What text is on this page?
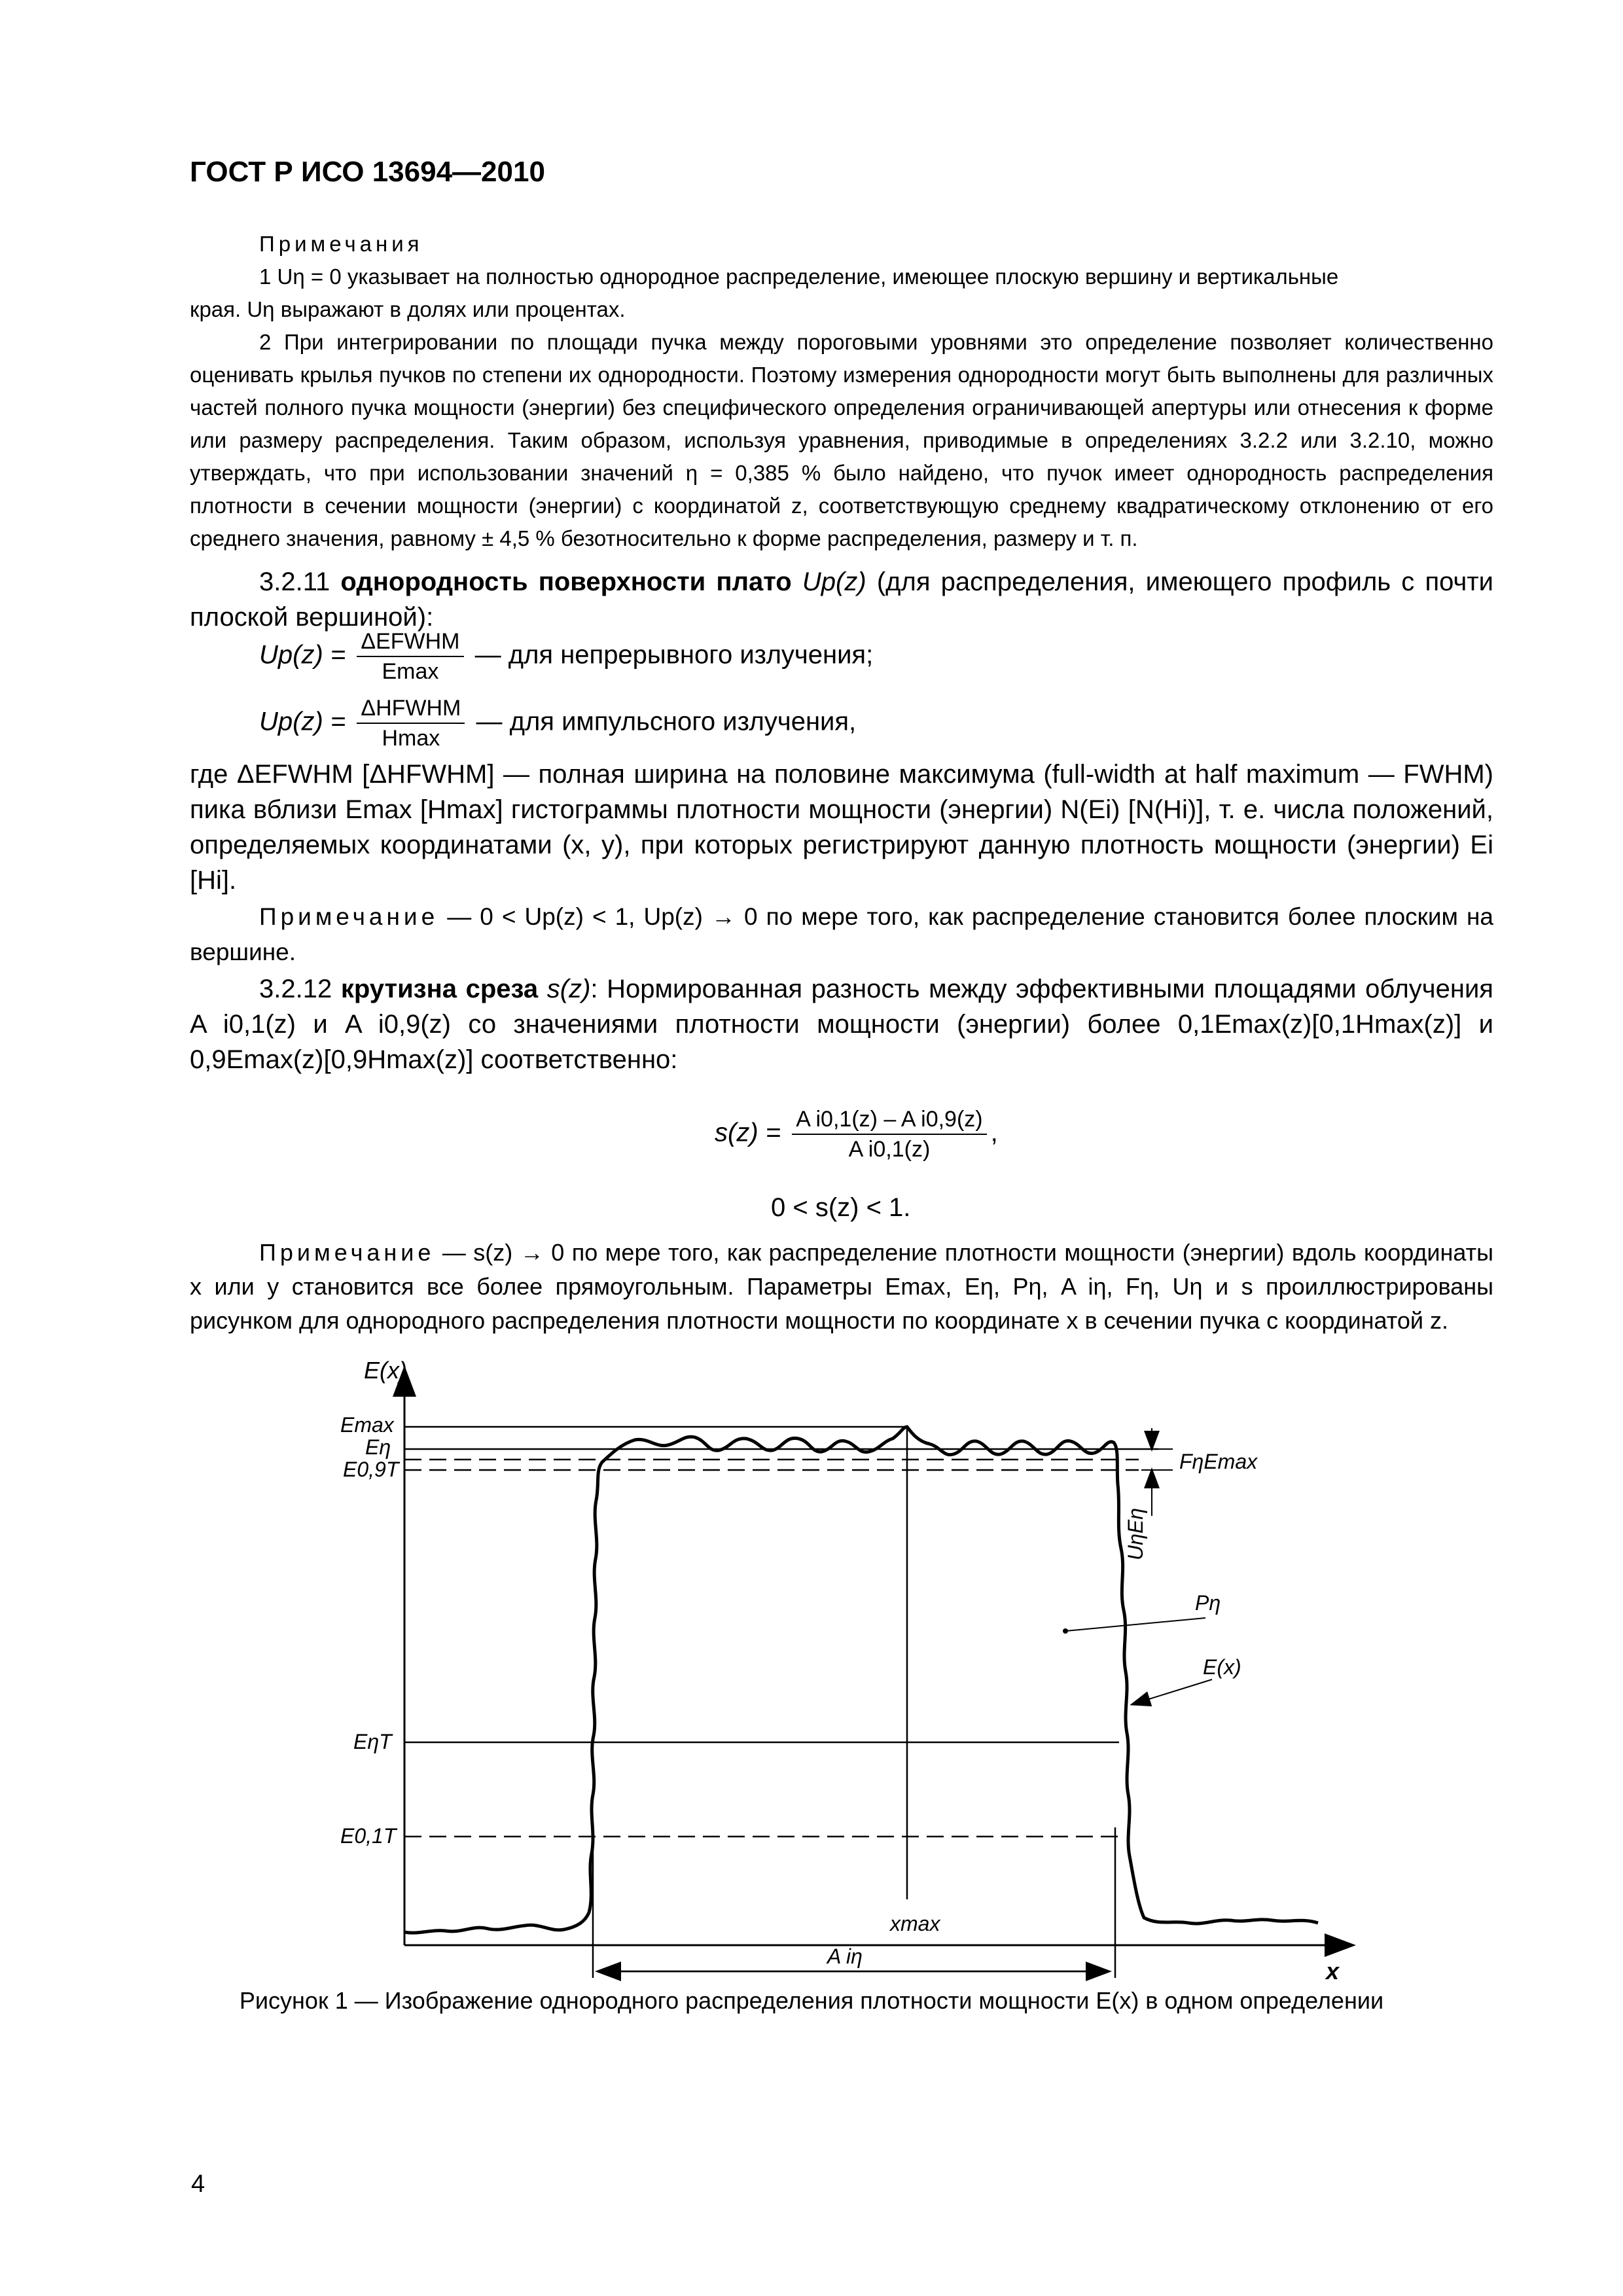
ГОСТ Р ИСО 13694—2010
Примечания
1 Uη = 0 указывает на полностью однородное распределение, имеющее плоскую вершину и вертикальные
края. Uη выражают в долях или процентах.
2 При интегрировании по площади пучка между пороговыми уровнями это определение позволяет количественно оценивать крылья пучков по степени их однородности. Поэтому измерения однородности могут быть выполнены для различных частей полного пучка мощности (энергии) без специфического определения ограничивающей апертуры или отнесения к форме или размеру распределения. Таким образом, используя уравнения, приводимые в определениях 3.2.2 или 3.2.10, можно утверждать, что при использовании значений η = 0,385 % было найдено, что пучок имеет однородность распределения плотности в сечении мощности (энергии) с координатой z, соответствующую среднему квадратическому отклонению от его среднего значения, равному ± 4,5 % безотносительно к форме распределения, размеру и т. п.
3.2.11 однородность поверхности плато Up(z) (для распределения, имеющего профиль с почти плоской вершиной):
$Up(z) = \frac{\text{ΔEFWHM}}{Emax}$ — для непрерывного излучения;
$Up(z) = \frac{\text{ΔHFWHM}}{Hmax}$ — для импульсного излучения,
где ΔEFWHM [ΔHFWHM] — полная ширина на половине максимума (full-width at half maximum — FWHM) пика вблизи Emax [Hmax] гистограммы плотности мощности (энергии) N(Ei) [N(Hi)], т. е. числа положений, определяемых координатами (x, y), при которых регистрируют данную плотность мощности (энергии) Ei [Hi].
Примечание — 0 < Up(z) < 1, Up(z) → 0 по мере того, как распределение становится более плоским на вершине.
3.2.12 крутизна среза s(z): Нормированная разность между эффективными площадями облучения A i0,1(z) и A i0,9(z) со значениями плотности мощности (энергии) более 0,1Emax(z)[0,1Hmax(z)] и 0,9Emax(z)[0,9Hmax(z)] соответственно:
$s(z) = \frac{\text{A i0,1(z) – A i0,9(z)}}{\text{A i0,1(z)}}$ ,
0 < s(z) < 1.
Примечание — s(z) → 0 по мере того, как распределение плотности мощности (энергии) вдоль координаты x или y становится все более прямоугольным. Параметры Emax, Eη, Pη, A iη, Fη, Uη и s проиллюстрированы рисунком для однородного распределения плотности мощности по координате x в сечении пучка с координатой z.
E(x)
x
Emax
Eη
E0,9T
EηT
E0,1T
FηEmax
UηEη
Pη
E(x)
xmax
A iη
Рисунок 1 — Изображение однородного распределения плотности мощности E(x) в одном определении
4
